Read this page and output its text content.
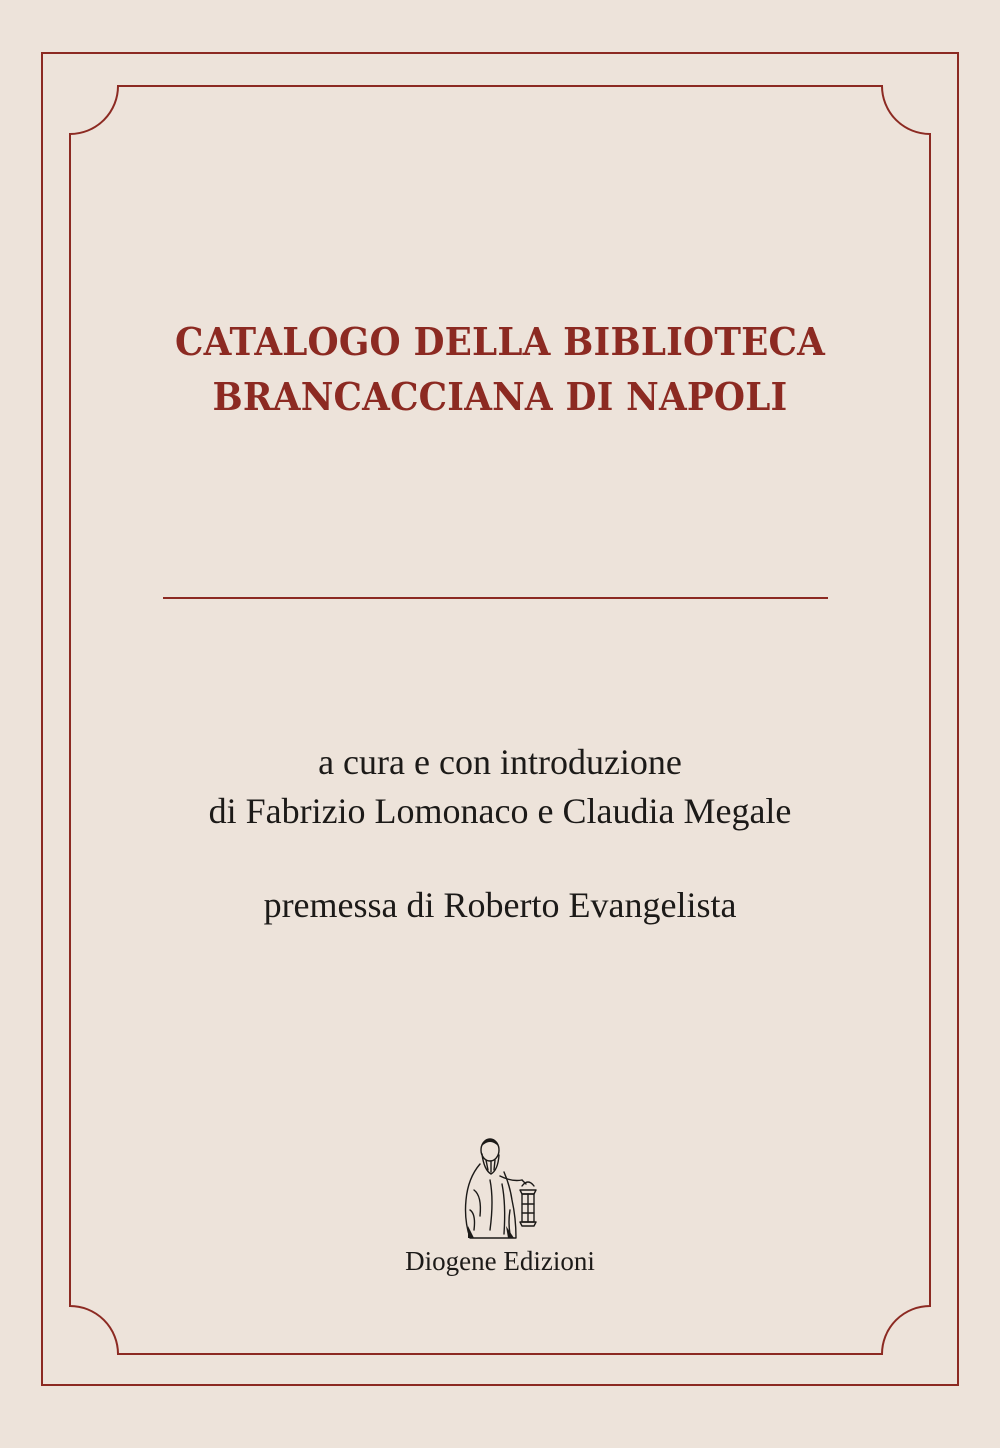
CATALOGO DELLA BIBLIOTECA
BRANCACCIANA DI NAPOLI
a cura e con introduzione
di Fabrizio Lomonaco e Claudia Megale
premessa di Roberto Evangelista
Diogene Edizioni
